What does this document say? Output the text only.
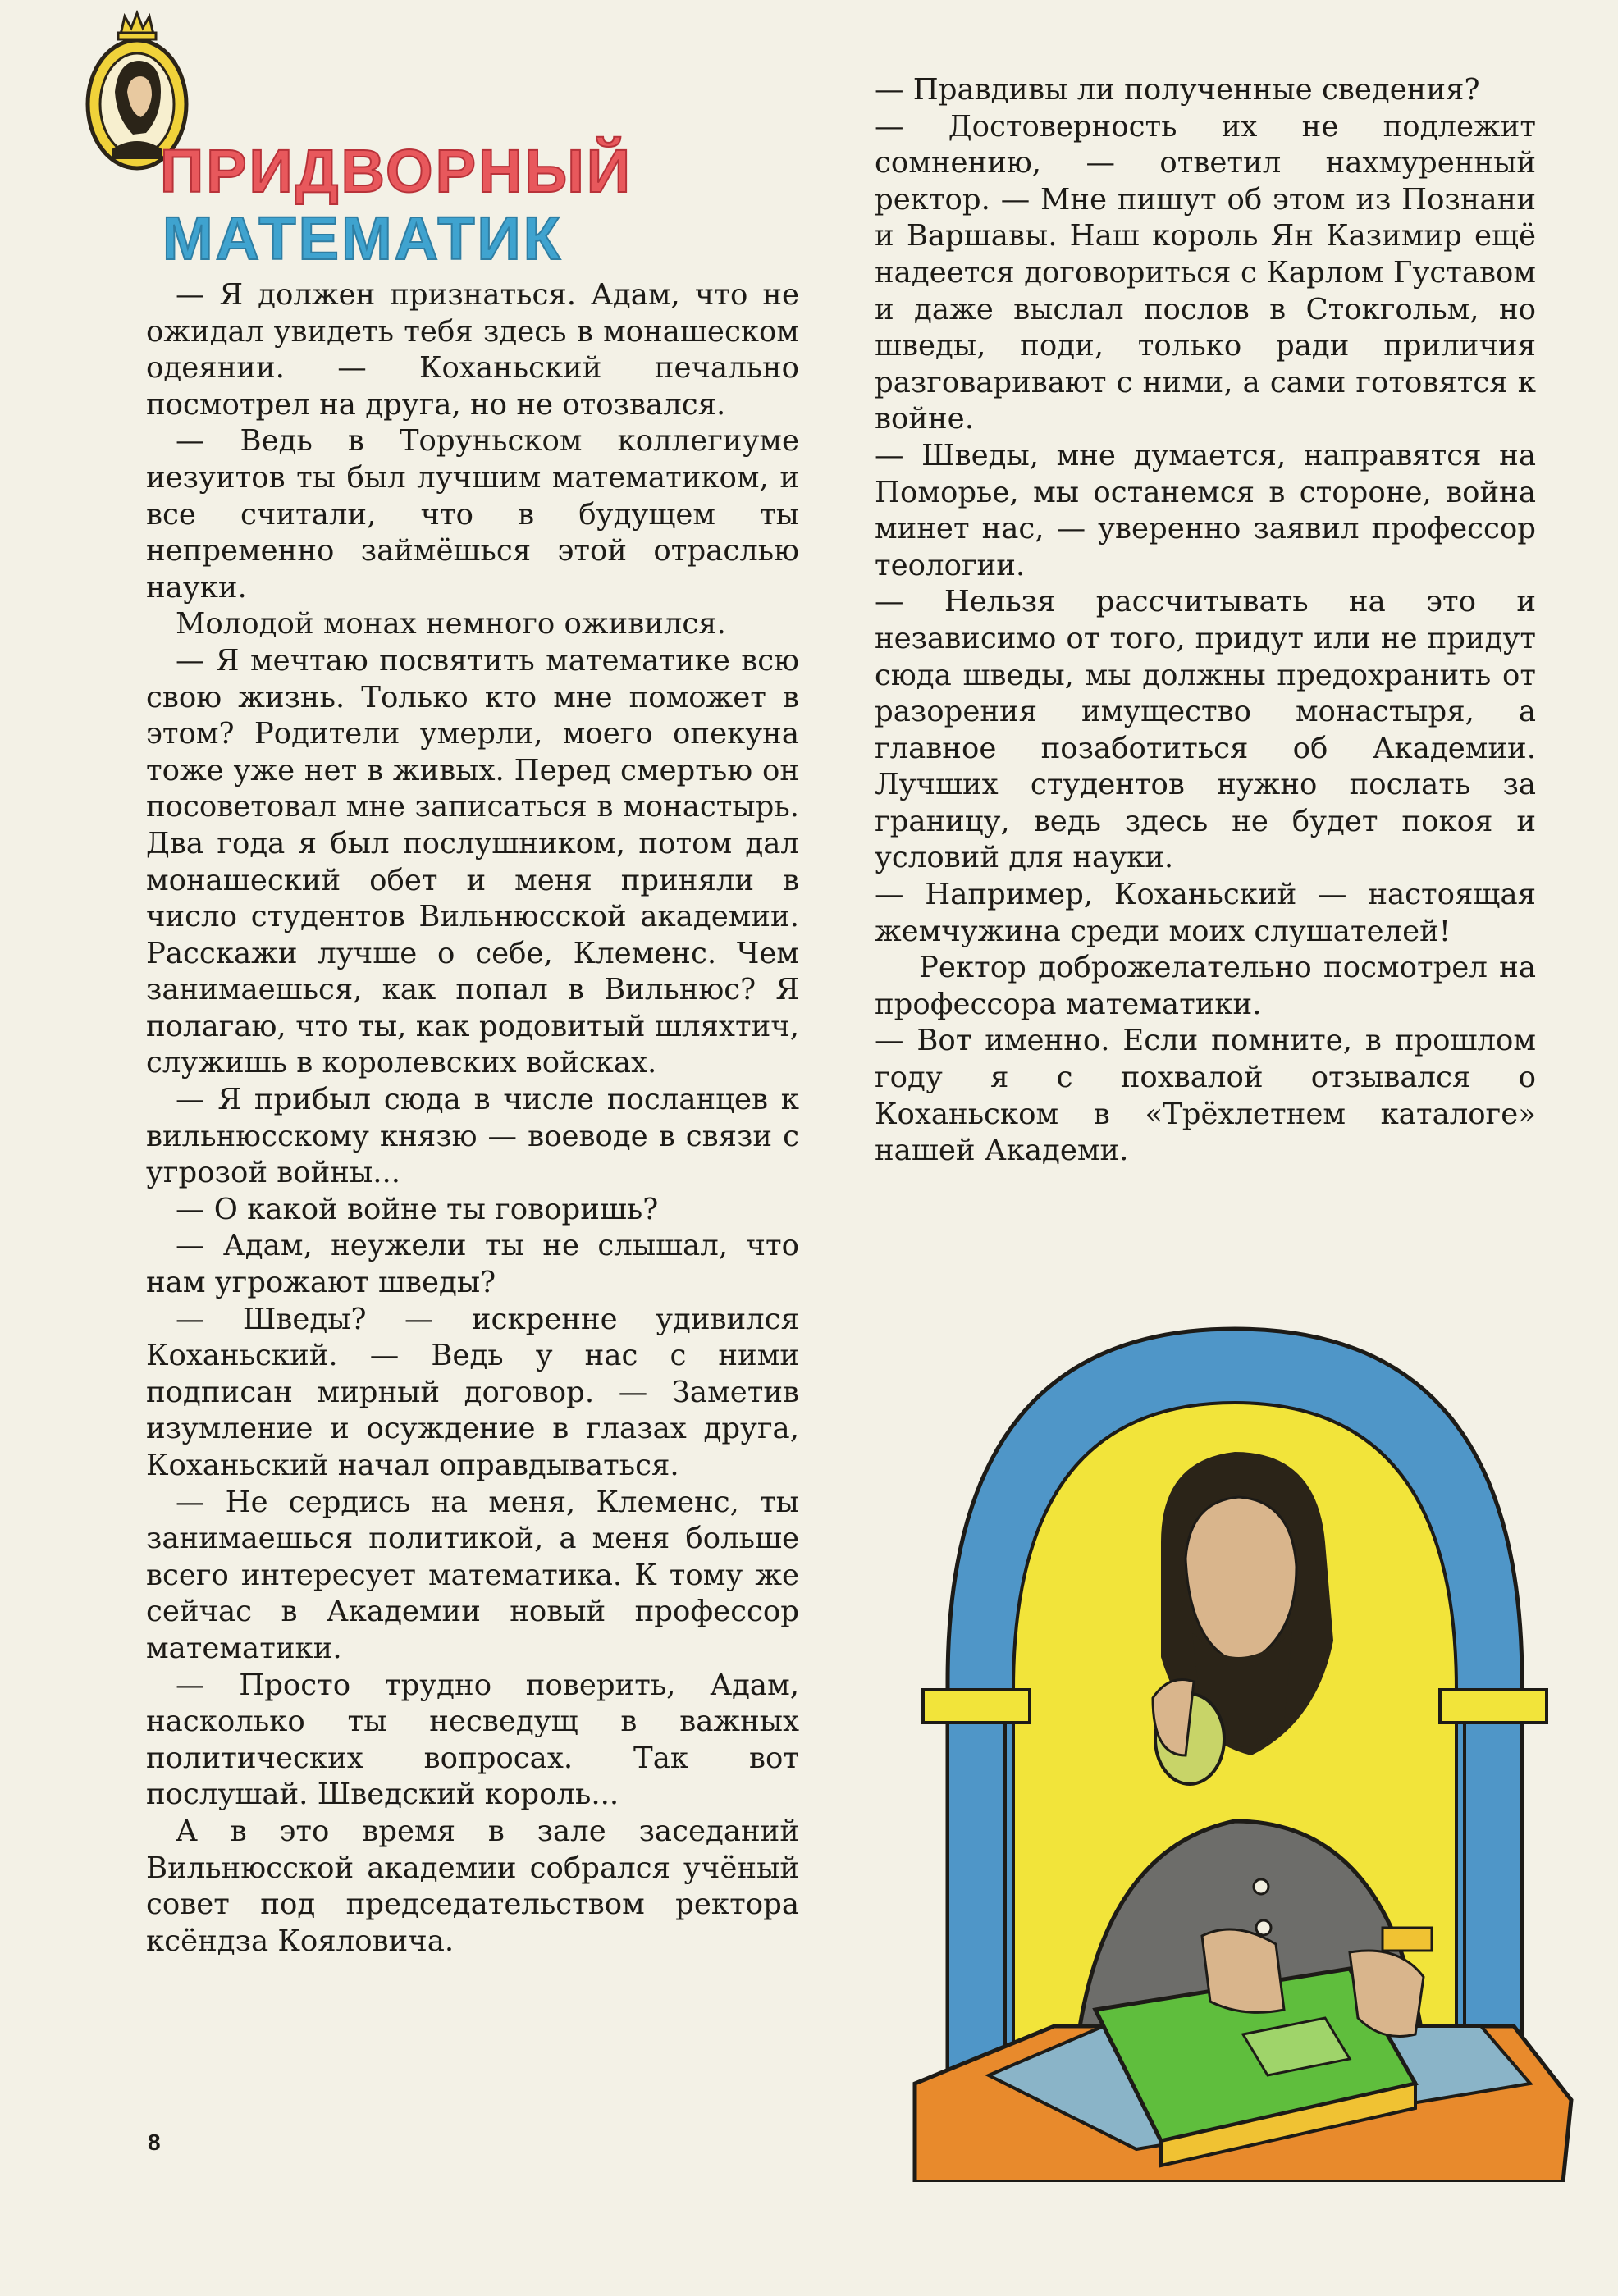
ПРИДВОРНЫЙ
МАТЕМАТИК

— Я должен признаться. Адам, что не ожидал увидеть тебя здесь в монашеском одеянии. — Коханьский печально посмотрел на друга, но не отозвался.

— Ведь в Торуньском коллегиуме иезуитов ты был лучшим математиком, и все считали, что в будущем ты непременно займёшься этой отраслью науки.

Молодой монах немного оживился.

— Я мечтаю посвятить математике всю свою жизнь. Только кто мне поможет в этом? Родители умерли, моего опекуна тоже уже нет в живых. Перед смертью он посоветовал мне записаться в монастырь. Два года я был послушником, потом дал монашеский обет и меня приняли в число студентов Вильнюсской академии. Расскажи лучше о себе, Клеменс. Чем занимаешься, как попал в Вильнюс? Я полагаю, что ты, как родовитый шляхтич, служишь в королевских войсках.

— Я прибыл сюда в числе посланцев к вильнюсскому князю — воеводе в связи с угрозой войны...

— О какой войне ты говоришь?

— Адам, неужели ты не слышал, что нам угрожают шведы?

— Шведы? — искренне удивился Коханьский. — Ведь у нас с ними подписан мирный договор. — Заметив изумление и осуждение в глазах друга, Коханьский начал оправдываться.

— Не сердись на меня, Клеменс, ты занимаешься политикой, а меня больше всего интересует математика. К тому же сейчас в Академии новый профессор математики.

— Просто трудно поверить, Адам, насколько ты несведущ в важных политических вопросах. Так вот послушай. Шведский король...

А в это время в зале заседаний Вильнюсской академии собрался учёный совет под председательством ректора ксёндза Кояловича.

— Правдивы ли полученные сведения?

— Достоверность их не подлежит сомнению, — ответил нахмуренный ректор. — Мне пишут об этом из Познани и Варшавы. Наш король Ян Казимир ещё надеется договориться с Карлом Густавом и даже выслал послов в Стокгольм, но шведы, поди, только ради приличия разговаривают с ними, а сами готовятся к войне.

— Шведы, мне думается, направятся на Поморье, мы останемся в стороне, война минет нас, — уверенно заявил профессор теологии.

— Нельзя рассчитывать на это и независимо от того, придут или не придут сюда шведы, мы должны предохранить от разорения имущество монастыря, а главное позаботиться об Академии. Лучших студентов нужно послать за границу, ведь здесь не будет покоя и условий для науки.

— Например, Коханьский — настоящая жемчужина среди моих слушателей!

Ректор доброжелательно посмотрел на профессора математики.

— Вот именно. Если помните, в прошлом году я с похвалой отзывался о Коханьском в «Трёхлетнем каталоге» нашей Академи.

8
